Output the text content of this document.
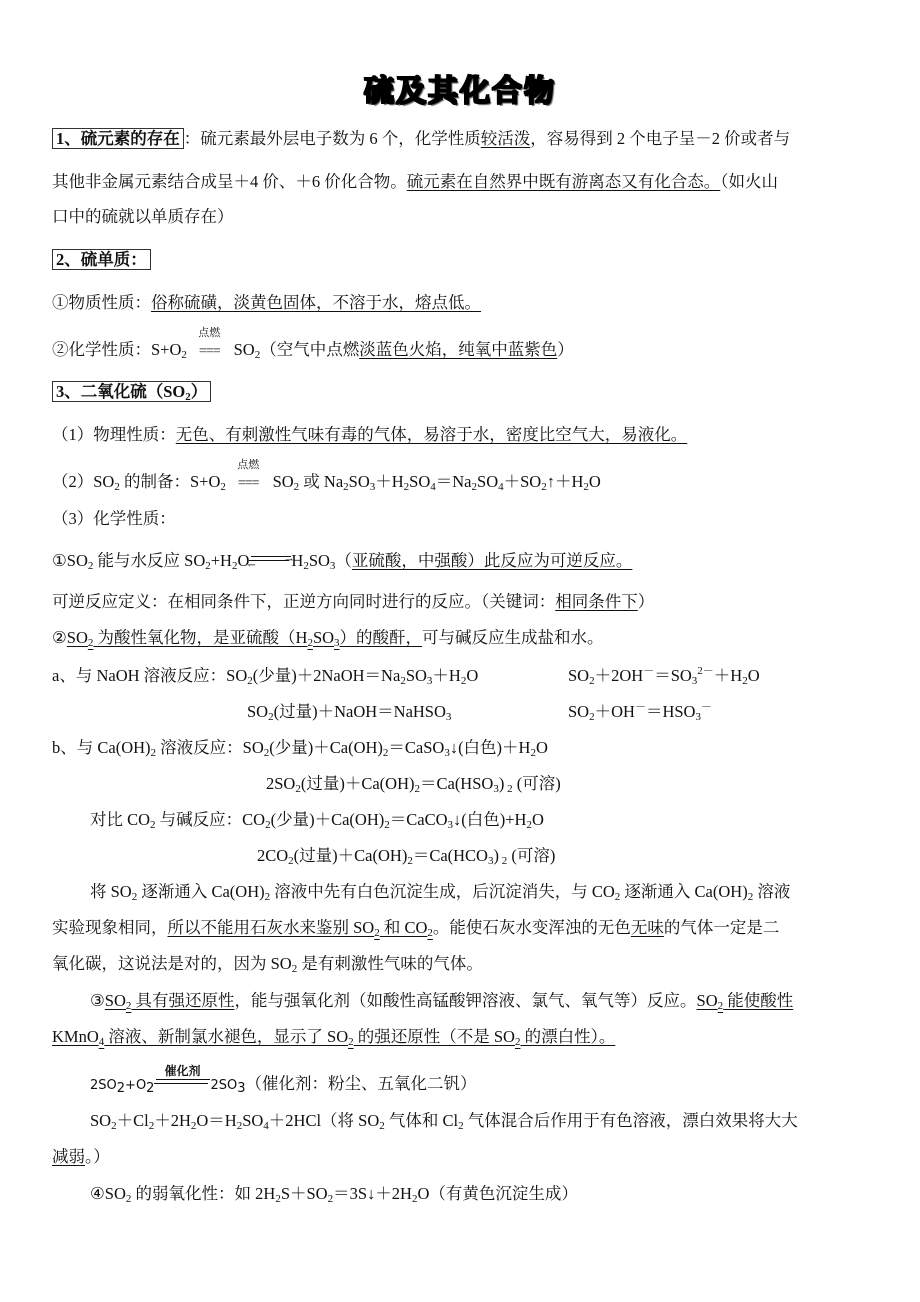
硫及其化合物
1、硫元素的存在 ：硫元素最外层电子数为 6 个，化学性质较活泼，容易得到 2 个电子呈－2 价或者与
其他非金属元素结合成呈＋4 价、＋6 价化合物。硫元素在自然界中既有游离态又有化合态。（如火山
口中的硫就以单质存在）
2、硫单质：
①物质性质：俗称硫磺，淡黄色固体，不溶于水，熔点低。
②化学性质：$S+O_2$
点燃
=== $SO_2$（空气中点燃淡蓝色火焰，纯氧中蓝紫色）
3、二氧化硫$(SO_2)$
（1）物理性质：无色、有刺激性气味有毒的气体，易溶于水，密度比空气大，易液化。
$(2)SO_2$ 的制备：$S+O_2$
点燃
=== $SO_2$ 或 $Na_2SO_3+H_2SO_4=Na_2SO_4+SO_2↑+H_2O$
（3）化学性质：
$①SO_2$ 能与水反应 $SO_2+H_2O$	⇀
↽ $H_2SO_3$（亚硫酸，中强酸）此反应为可逆反应。
可逆反应定义：在相同条件下，正逆方向同时进行的反应。（关键词：相同条件下）
$②SO_2$ 为酸性氧化物，是亚硫酸$(H_2SO_3)$的酸酐，可与碱反应生成盐和水。
a、与 NaOH 溶液反应：$SO_2$(少量)$+2NaOH=Na_2SO_3+H_2O$	$SO_2+2OH^-=SO_3^{2-}+H_2O$
$SO_2$(过量)＋NaOH＝NaHSO$_3$	$SO_2+OH^-=HSO_3^-$
b、与 $Ca(OH)_2$ 溶液反应：$SO_2$(少量)$+Ca(OH)_2=CaSO_3↓$(白色)$+H_2O$
$2SO_2$(过量)$+Ca(OH)_2=Ca(HSO_3)$ $_2$ (可溶)
对比 $CO_2$ 与碱反应：$CO_2$(少量)$+Ca(OH)_2=CaCO_3↓$(白色)$+H_2O$
$2CO_2$(过量)$+Ca(OH)_2=Ca(HCO_3)$ $_2$ (可溶)
将 $SO_2$ 逐渐通入 $Ca(OH)_2$ 溶液中先有白色沉淀生成，后沉淀消失，与 $CO_2$ 逐渐通入 $Ca(OH)_2$ 溶液
实验现象相同，所以不能用石灰水来鉴别 $SO_2$ 和 $CO_2$。能使石灰水变浑浊的无色无味的气体一定是二
氧化碳，这说法是对的，因为 $SO_2$ 是有刺激性气味的气体。
$③SO_2$ 具有强还原性，能与强氧化剂（如酸性高锰酸钾溶液、氯气、氧气等）反应。$SO_2$ 能使酸性
KMnO$_4$ 溶液、新制氯水褪色，显示了 $SO_2$ 的强还原性（不是 $SO_2$ 的漂白性）。
$2SO_2+O_2$
催化剂
$2SO_3$（催化剂：粉尘、五氧化二钒）
$SO_2+Cl_2+2H_2O=H_2SO_4+2HCl$（将 $SO_2$ 气体和 $Cl_2$ 气体混合后作用于有色溶液，漂白效果将大大
减弱。）
$④SO_2$ 的弱氧化性：如 $2H_2S+SO_2=3S↓+2H_2O$（有黄色沉淀生成）
